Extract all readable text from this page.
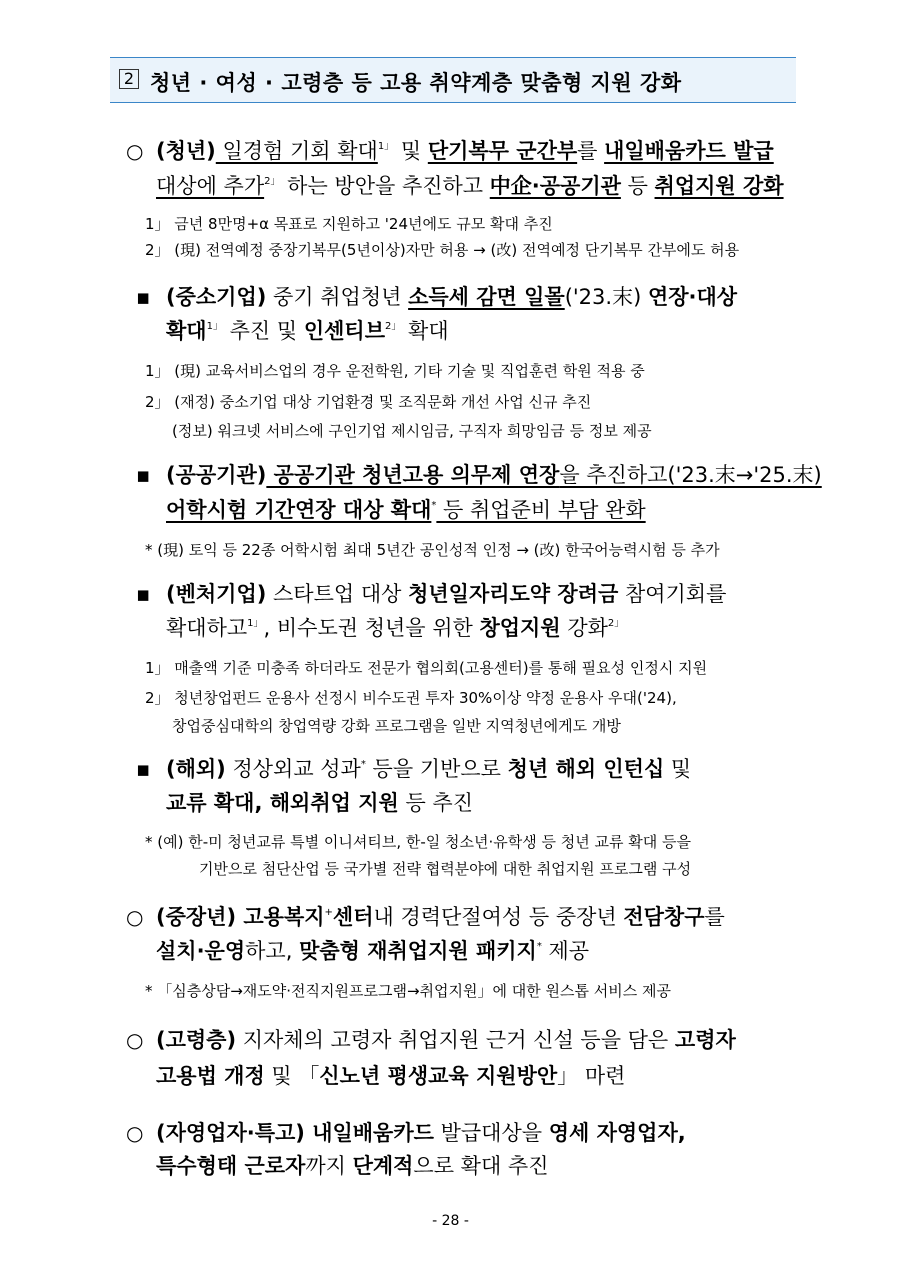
2 청년 · 여성 · 고령층 등 고용 취약계층 맞춤형 지원 강화
○ (청년) 일경험 기회 확대$^{1」}$ 및 단기복무 군간부를 내일배움카드 발급
대상에 추가$^{2」}$ 하는 방안을 추진하고 中企·공공기관 등 취업지원 강화
1」 금년 8만명+α 목표로 지원하고 '24년에도 규모 확대 추진
2」 (現) 전역예정 중장기복무(5년이상)자만 허용 → (改) 전역예정 단기복무 간부에도 허용
▪ (중소기업) 중기 취업청년 소득세 감면 일몰('23.末) 연장·대상
확대$^{1」}$ 추진 및 인센티브$^{2」}$ 확대
1」 (現) 교육서비스업의 경우 운전학원, 기타 기술 및 직업훈련 학원 적용 중
2」 (재정) 중소기업 대상 기업환경 및 조직문화 개선 사업 신규 추진
(정보) 워크넷 서비스에 구인기업 제시임금, 구직자 희망임금 등 정보 제공
▪ (공공기관) 공공기관 청년고용 의무제 연장을 추진하고('23.末→'25.末)
어학시험 기간연장 대상 확대* 등 취업준비 부담 완화
* (現) 토익 등 22종 어학시험 최대 5년간 공인성적 인정 → (改) 한국어능력시험 등 추가
▪ (벤처기업) 스타트업 대상 청년일자리도약 장려금 참여기회를
확대하고$^{1」}$, 비수도권 청년을 위한 창업지원 강화$^{2」}$
1」 매출액 기준 미충족 하더라도 전문가 협의회(고용센터)를 통해 필요성 인정시 지원
2」 청년창업펀드 운용사 선정시 비수도권 투자 30%이상 약정 운용사 우대('24),
창업중심대학의 창업역량 강화 프로그램을 일반 지역청년에게도 개방
▪ (해외) 정상외교 성과* 등을 기반으로 청년 해외 인턴십 및
교류 확대, 해외취업 지원 등 추진
* (예) 한-미 청년교류 특별 이니셔티브, 한-일 청소년·유학생 등 청년 교류 확대 등을
기반으로 첨단산업 등 국가별 전략 협력분야에 대한 취업지원 프로그램 구성
○ (중장년) 고용복지+센터내 경력단절여성 등 중장년 전담창구를
설치·운영하고, 맞춤형 재취업지원 패키지* 제공
* 「심층상담→재도약·전직지원프로그램→취업지원」에 대한 원스톱 서비스 제공
○ (고령층) 지자체의 고령자 취업지원 근거 신설 등을 담은 고령자
고용법 개정 및 「신노년 평생교육 지원방안」 마련
○ (자영업자·특고) 내일배움카드 발급대상을 영세 자영업자,
특수형태 근로자까지 단계적으로 확대 추진
- 28 -
